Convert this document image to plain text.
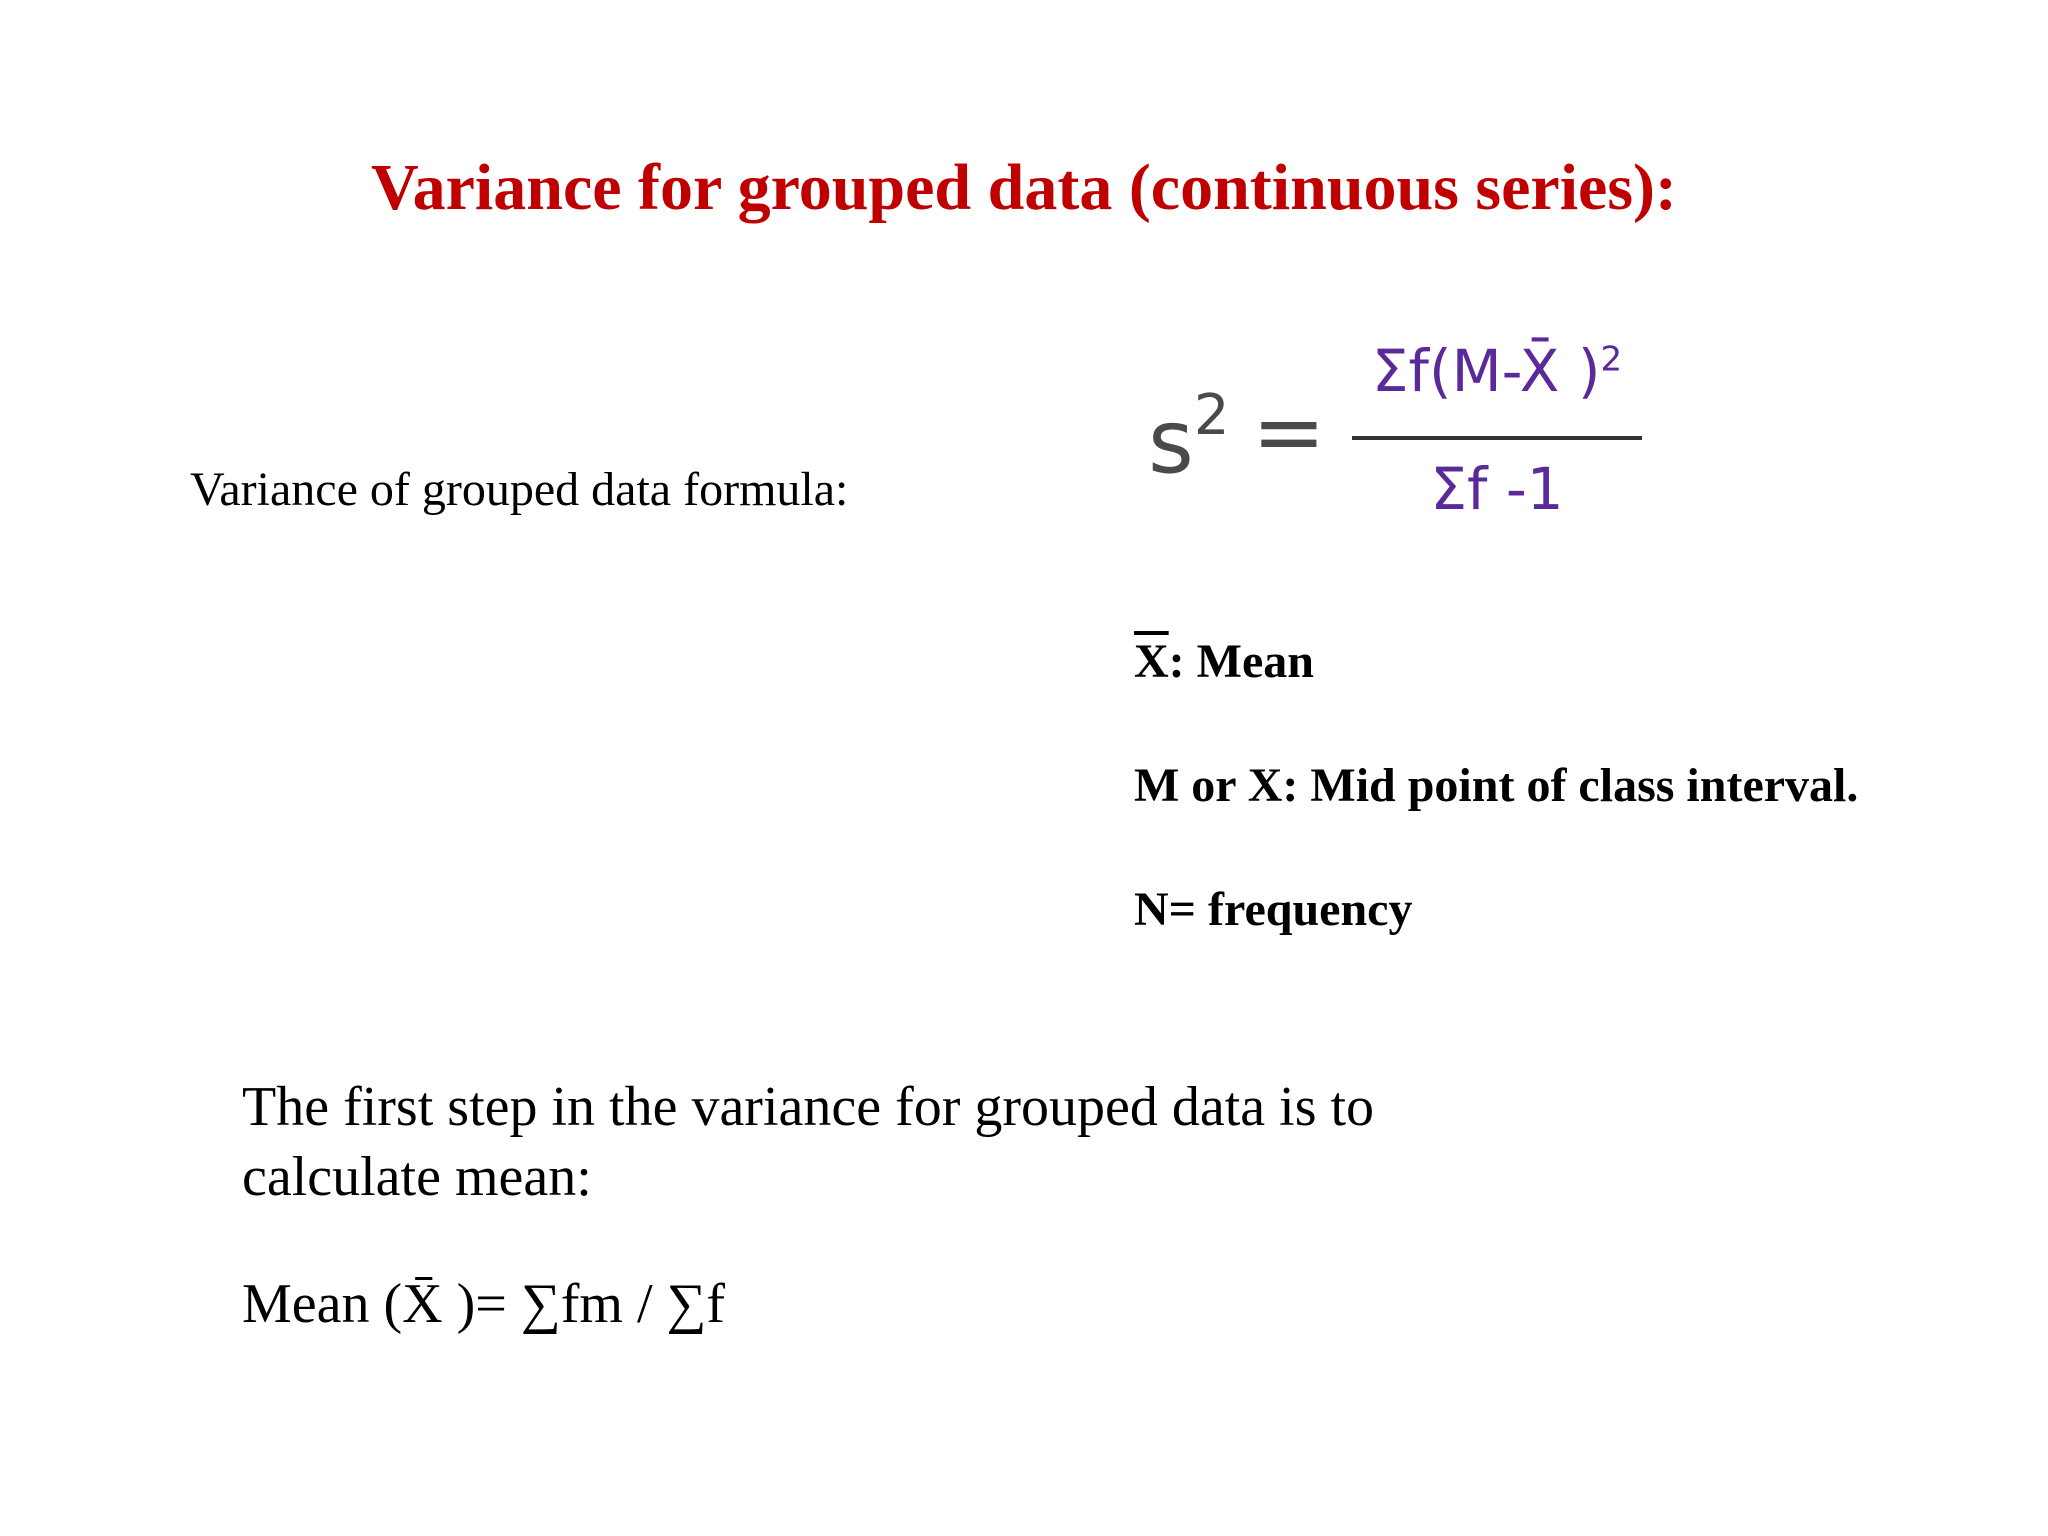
Variance for grouped data (continuous series):
Variance of grouped data formula:	$s^2$ =
Σf(M-X̄ )$^2$
Σf -1
$\overline{X}$: Mean
M or X: Mid point of class interval.
N= frequency
The first step in the variance for grouped data is to calculate mean:
Mean (X̄ )= ∑fm / ∑f
